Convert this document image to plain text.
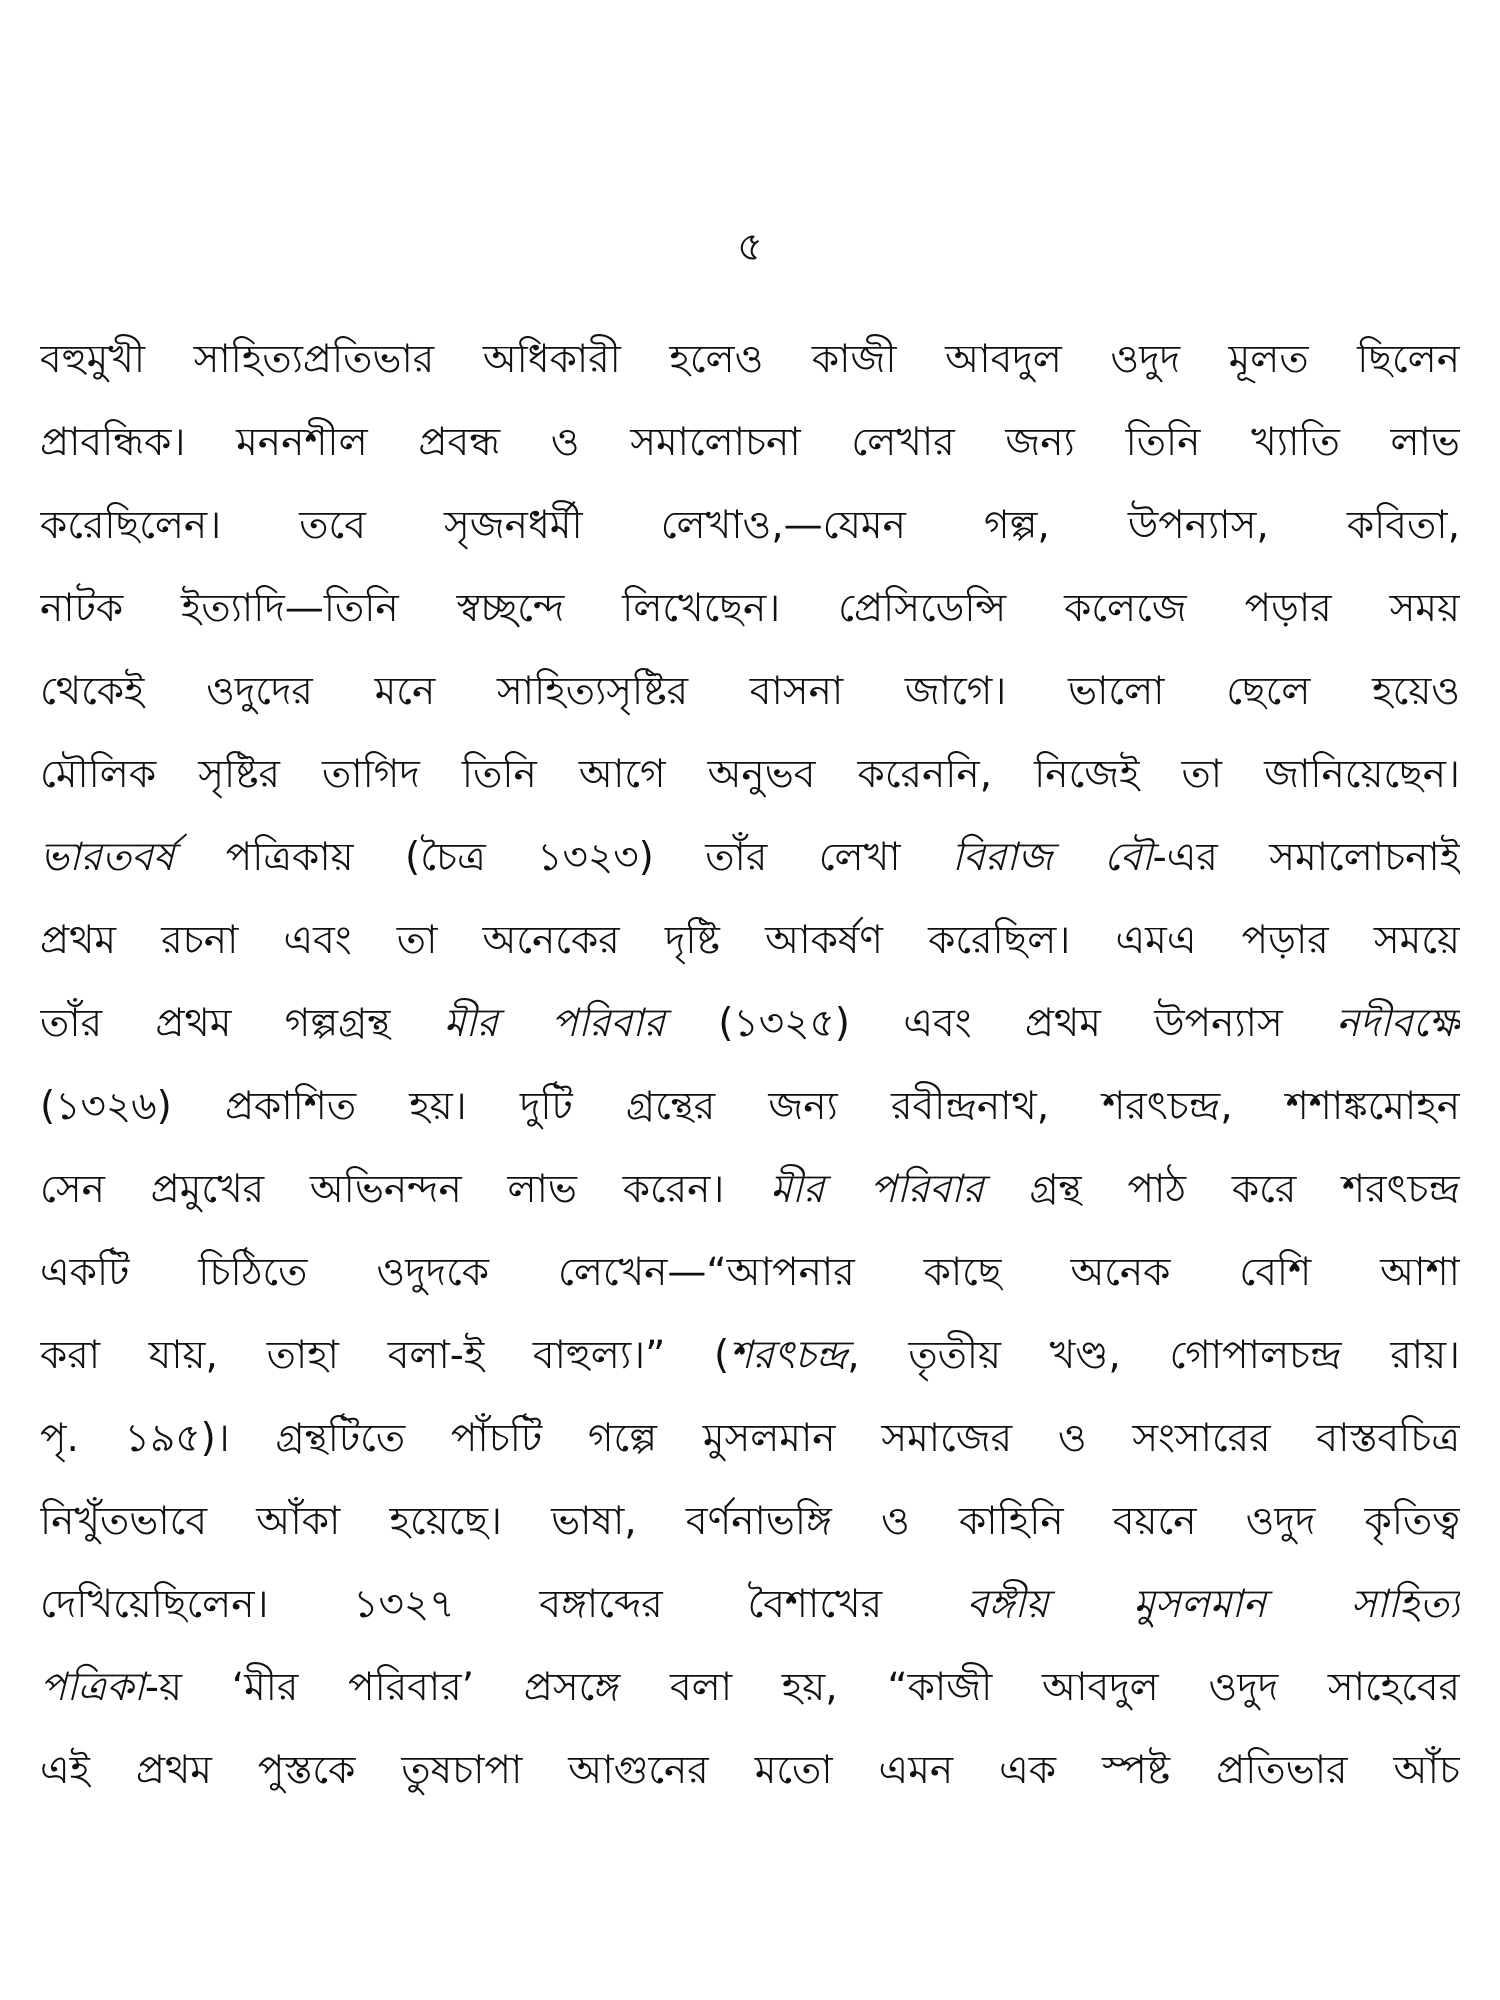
৫
বহুমুখী সাহিত্যপ্রতিভার অধিকারী হলেও কাজী আবদুল ওদুদ মূলত ছিলেন
প্রাবন্ধিক। মননশীল প্রবন্ধ ও সমালোচনা লেখার জন্য তিনি খ্যাতি লাভ
করেছিলেন। তবে সৃজনধর্মী লেখাও,—যেমন গল্প, উপন্যাস, কবিতা,
নাটক ইত্যাদি—তিনি স্বচ্ছন্দে লিখেছেন। প্রেসিডেন্সি কলেজে পড়ার সময়
থেকেই ওদুদের মনে সাহিত্যসৃষ্টির বাসনা জাগে। ভালো ছেলে হয়েও
মৌলিক সৃষ্টির তাগিদ তিনি আগে অনুভব করেননি, নিজেই তা জানিয়েছেন।
ভারতবর্ষ পত্রিকায় (চৈত্র ১৩২৩) তাঁর লেখা বিরাজ বৌ-এর সমালোচনাই
প্রথম রচনা এবং তা অনেকের দৃষ্টি আকর্ষণ করেছিল। এমএ পড়ার সময়ে
তাঁর প্রথম গল্পগ্রন্থ মীর পরিবার (১৩২৫) এবং প্রথম উপন্যাস নদীবক্ষে
(১৩২৬) প্রকাশিত হয়। দুটি গ্রন্থের জন্য রবীন্দ্রনাথ, শরৎচন্দ্র, শশাঙ্কমোহন
সেন প্রমুখের অভিনন্দন লাভ করেন। মীর পরিবার গ্রন্থ পাঠ করে শরৎচন্দ্র
একটি চিঠিতে ওদুদকে লেখেন—“আপনার কাছে অনেক বেশি আশা
করা যায়, তাহা বলা-ই বাহুল্য।” (শরৎচন্দ্র, তৃতীয় খণ্ড, গোপালচন্দ্র রায়।
পৃ. ১৯৫)। গ্রন্থটিতে পাঁচটি গল্পে মুসলমান সমাজের ও সংসারের বাস্তবচিত্র
নিখুঁতভাবে আঁকা হয়েছে। ভাষা, বর্ণনাভঙ্গি ও কাহিনি বয়নে ওদুদ কৃতিত্ব
দেখিয়েছিলেন। ১৩২৭ বঙ্গাব্দের বৈশাখের বঙ্গীয় মুসলমান সাহিত্য
পত্রিকা-য় ‘মীর পরিবার’ প্রসঙ্গে বলা হয়, “কাজী আবদুল ওদুদ সাহেবের
এই প্রথম পুস্তকে তুষচাপা আগুনের মতো এমন এক স্পষ্ট প্রতিভার আঁচ
